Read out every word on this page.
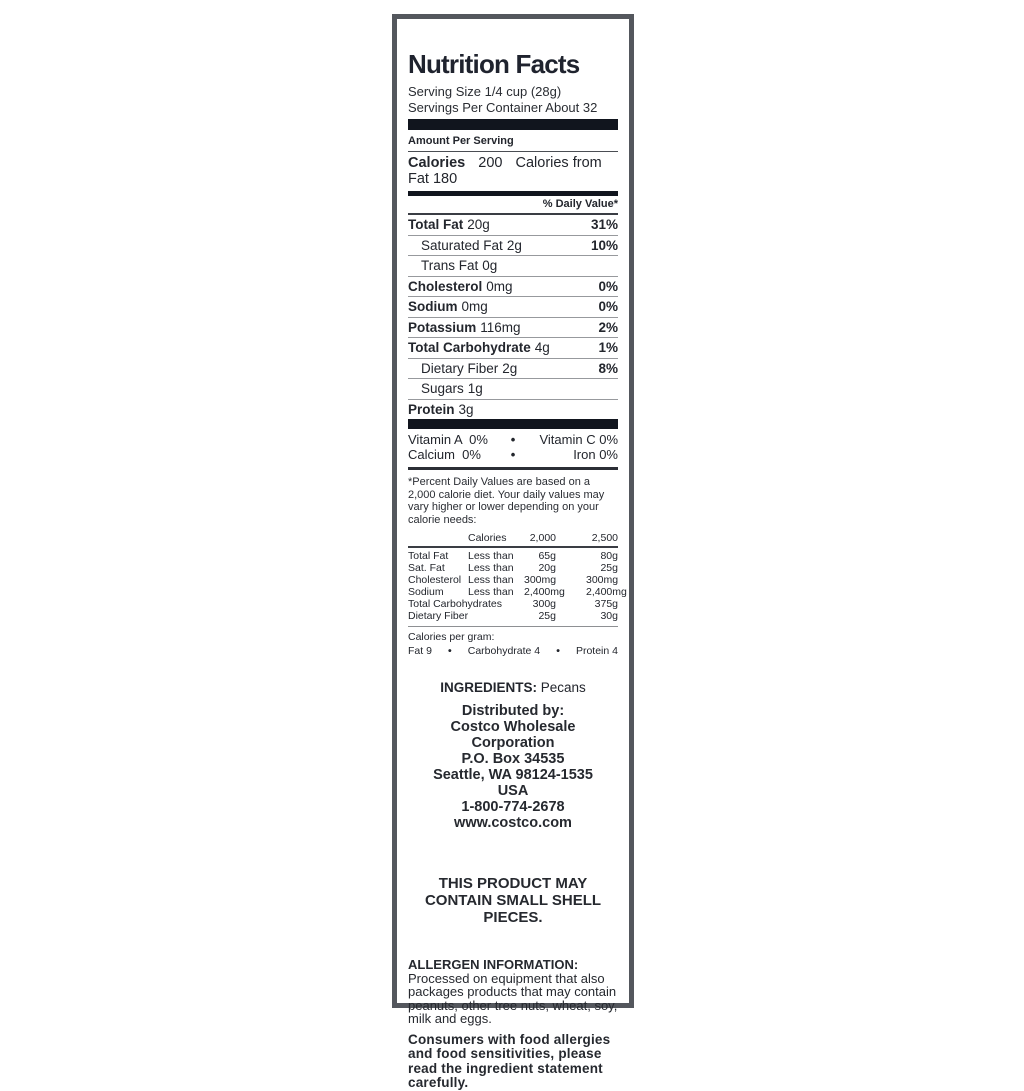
Nutrition Facts
Serving Size 1/4 cup (28g)
Servings Per Container About 32
Amount Per Serving
Calories 200 Calories from Fat 180
% Daily Value*
Total Fat 20g	31%
Saturated Fat 2g	10%
Trans Fat 0g
Cholesterol 0mg	0%
Sodium 0mg	0%
Potassium 116mg	2%
Total Carbohydrate 4g	1%
Dietary Fiber 2g	8%
Sugars 1g
Protein 3g
Vitamin A  0%	•	Vitamin C 0%
Calcium  0%	•	Iron 0%
*Percent Daily Values are based on a 2,000 calorie diet. Your daily values may vary higher or lower depending on your calorie needs:
Calories	2,000	2,500
Total Fat	Less than	65g	80g
Sat. Fat	Less than	20g	25g
Cholesterol Less than 300mg	300mg
Sodium	Less than 2,400mg	2,400mg
Total Carbohydrates	300g	375g
Dietary Fiber	25g	30g
Calories per gram:
Fat 9 • Carbohydrate 4 • Protein 4
INGREDIENTS: Pecans
Distributed by:
Costco Wholesale Corporation
P.O. Box 34535
Seattle, WA 98124-1535
USA
1-800-774-2678
www.costco.com
THIS PRODUCT MAY CONTAIN SMALL SHELL PIECES.
ALLERGEN INFORMATION:
Processed on equipment that also packages products that may contain peanuts, other tree nuts, wheat, soy, milk and eggs.
Consumers with food allergies and food sensitivities, please read the ingredient statement carefully.
